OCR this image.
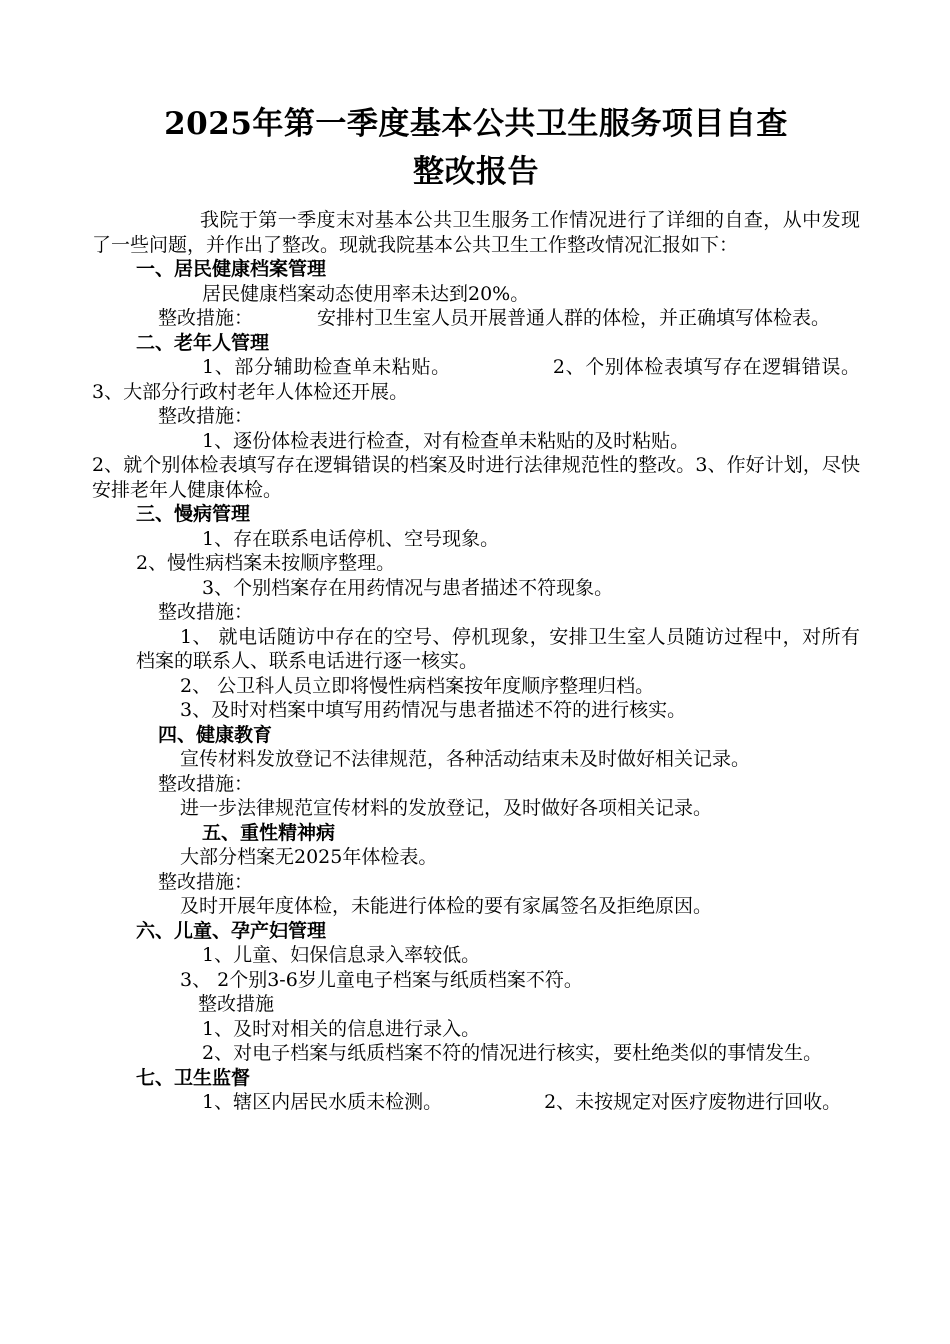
2025年第一季度基本公共卫生服务项目自查
整改报告

我院于第一季度末对基本公共卫生服务工作情况进行了详细的自查，从中发现了一些问题，并作出了整改。现就我院基本公共卫生工作整改情况汇报如下：

一、居民健康档案管理

居民健康档案动态使用率未达到20%。

整改措施：	安排村卫生室人员开展普通人群的体检，并正确填写体检表。

二、老年人管理

1、部分辅助检查单未粘贴。	2、个别体检表填写存在逻辑错误。3、大部分行政村老年人体检还开展。

整改措施：

1、逐份体检表进行检查，对有检查单未粘贴的及时粘贴。

2、就个别体检表填写存在逻辑错误的档案及时进行法律规范性的整改。3、作好计划，尽快安排老年人健康体检。

三、慢病管理

1、存在联系电话停机、空号现象。

2、慢性病档案未按顺序整理。

3、个别档案存在用药情况与患者描述不符现象。

整改措施：

1、 就电话随访中存在的空号、停机现象，安排卫生室人员随访过程中，对所有档案的联系人、联系电话进行逐一核实。

2、 公卫科人员立即将慢性病档案按年度顺序整理归档。

3、及时对档案中填写用药情况与患者描述不符的进行核实。

四、健康教育

宣传材料发放登记不法律规范，各种活动结束未及时做好相关记录。

整改措施：

进一步法律规范宣传材料的发放登记，及时做好各项相关记录。

五、重性精神病

大部分档案无2025年体检表。

整改措施：

及时开展年度体检，未能进行体检的要有家属签名及拒绝原因。

六、儿童、孕产妇管理

1、儿童、妇保信息录入率较低。

3、 2个别3-6岁儿童电子档案与纸质档案不符。

整改措施

1、及时对相关的信息进行录入。

2、对电子档案与纸质档案不符的情况进行核实，要杜绝类似的事情发生。

七、卫生监督

1、辖区内居民水质未检测。	2、未按规定对医疗废物进行回收。
